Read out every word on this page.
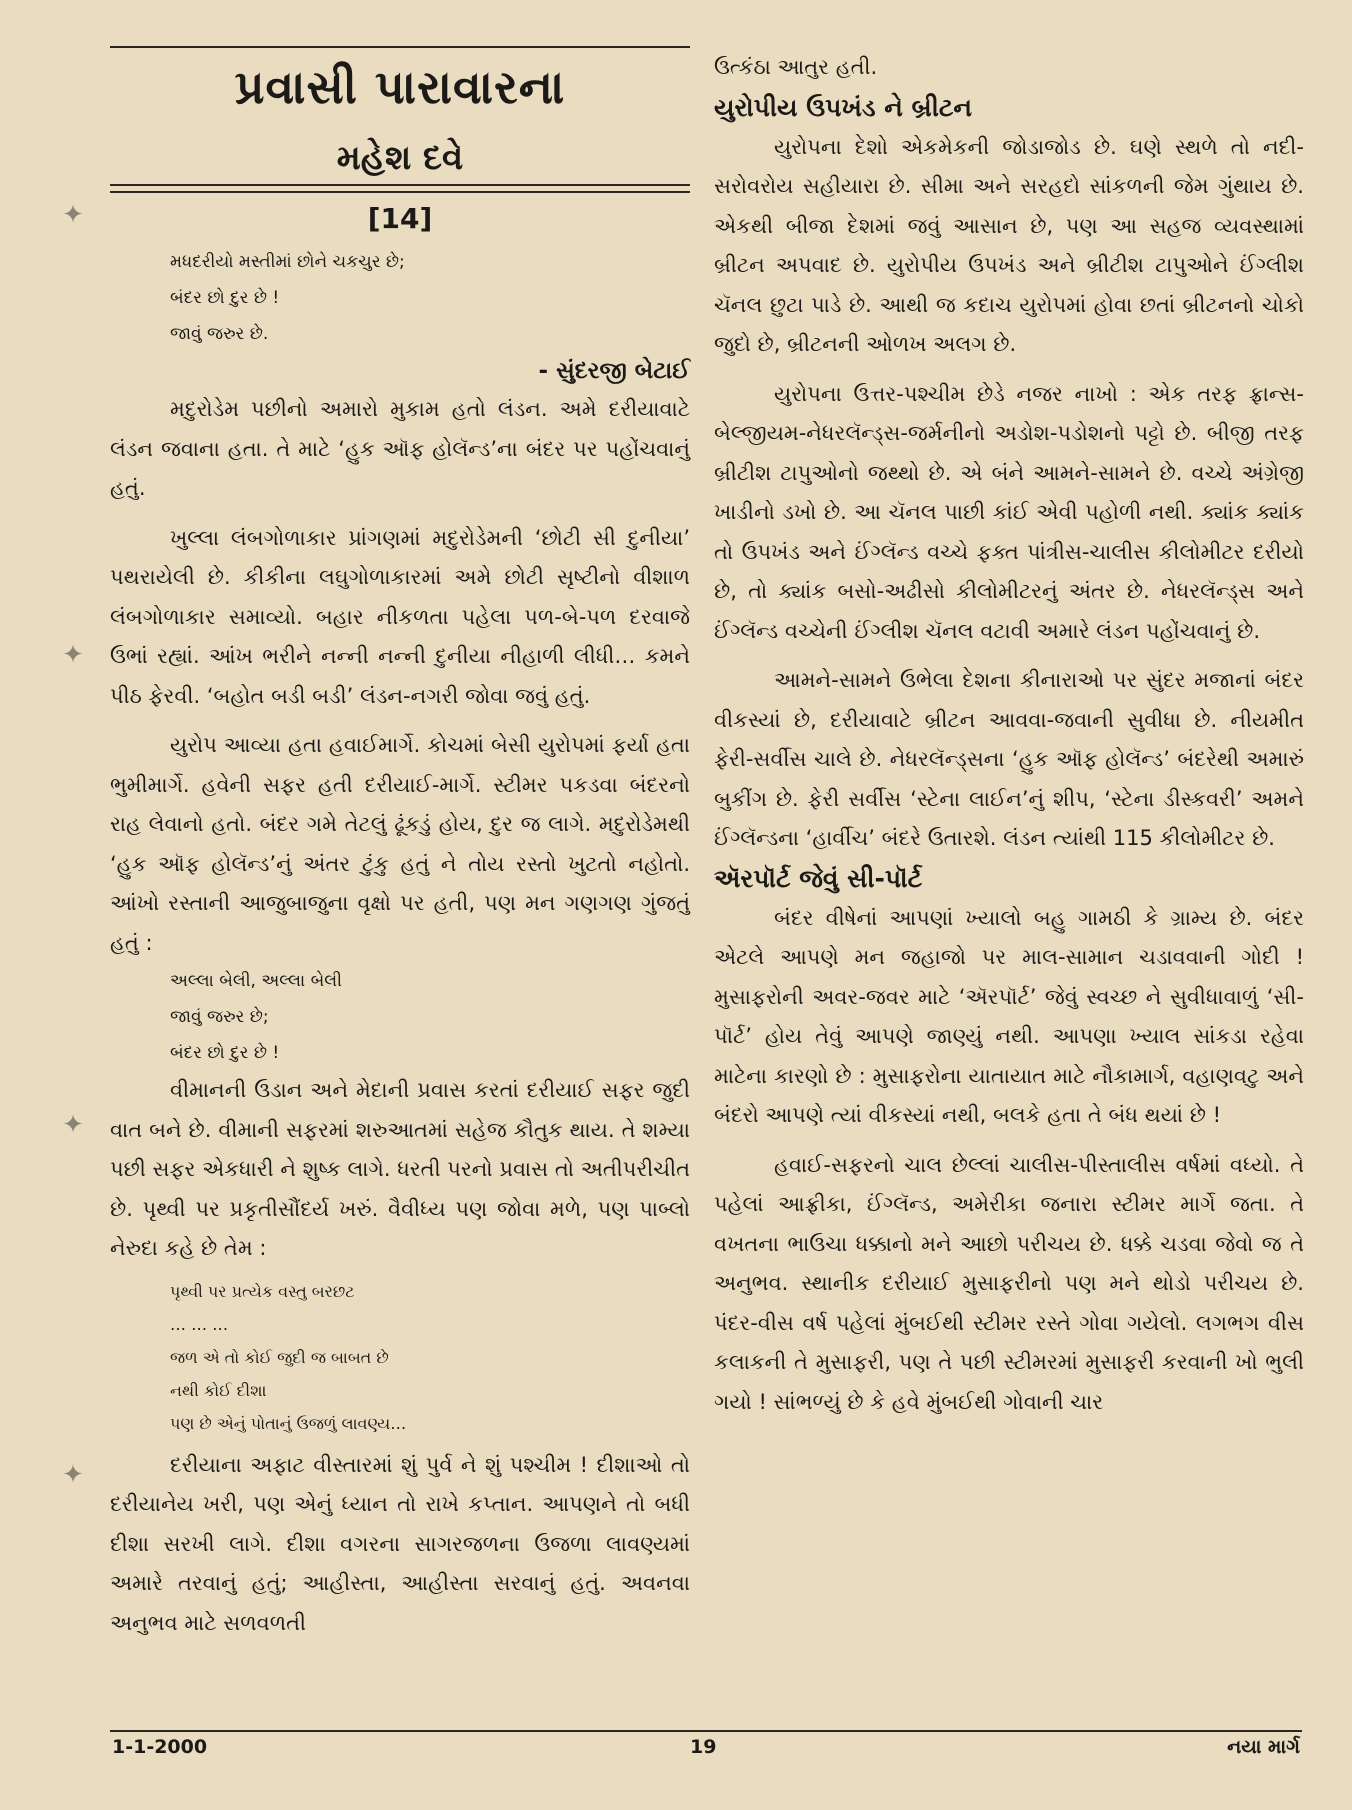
પ્રવાસી પારાવારના
મહેશ દવે
[14]
મધદરીયો મસ્તીમાં છોને ચકચુર છે;
બંદર છો દુર છે !
જાવું જરુર છે.
- સુંદરજી બેટાઈ

મદુરોડેમ પછીનો અમારો મુકામ હતો લંડન. અમે દરીયાવાટે લંડન જવાના હતા. તે માટે ‘હુક ઑફ હોલૅન્ડ’ના બંદર પર પહોંચવાનું હતું.

ખુલ્લા લંબગોળાકાર પ્રાંગણમાં મદુરોડેમની ‘છોટી સી દુનીયા’ પથરાયેલી છે. કીકીના લઘુગોળાકારમાં અમે છોટી સૃષ્ટીનો વીશાળ લંબગોળાકાર સમાવ્યો. બહાર નીકળતા પહેલા પળ-બે-પળ દરવાજે ઉભાં રહ્યાં. આંખ ભરીને નન્ની નન્ની દુનીયા નીહાળી લીધી… કમને પીઠ ફેરવી. ‘બહોત બડી બડી’ લંડન-નગરી જોવા જવું હતું.

યુરોપ આવ્યા હતા હવાઈમાર્ગે. કોચમાં બેસી યુરોપમાં ફર્યા હતા ભુમીમાર્ગે. હવેની સફર હતી દરીયાઈ-માર્ગે. સ્ટીમર પકડવા બંદરનો રાહ લેવાનો હતો. બંદર ગમે તેટલું ઢૂંકડું હોય, દુર જ લાગે. મદુરોડેમથી ‘હુક ઑફ હોલૅન્ડ’નું અંતર ટુંકુ હતું ને તોય રસ્તો ખુટતો નહોતો. આંખો રસ્તાની આજુબાજુના વૃક્ષો પર હતી, પણ મન ગણગણ ગુંજતું હતું :

અલ્લા બેલી, અલ્લા બેલી
જાવું જરુર છે;
બંદર છો દુર છે !

વીમાનની ઉડાન અને મેદાની પ્રવાસ કરતાં દરીયાઈ સફર જુદી વાત બને છે. વીમાની સફરમાં શરુઆતમાં સહેજ કૌતુક થાય. તે શમ્યા પછી સફર એકધારી ને શુષ્ક લાગે. ધરતી પરનો પ્રવાસ તો અતીપરીચીત છે. પૃથ્વી પર પ્રકૃતીસૌંદર્ય ખરું. વૈવીધ્ય પણ જોવા મળે, પણ પાબ્લો નેરુદા કહે છે તેમ :

પૃથ્વી પર પ્રત્યેક વસ્તુ બરછટ
… … …
જળ એ તો કોઈ જુદી જ બાબત છે
નથી કોઈ દીશા
પણ છે એનું પોતાનું ઉજળું લાવણ્ય…

દરીયાના અફાટ વીસ્તારમાં શું પુર્વ ને શું પશ્ચીમ ! દીશાઓ તો દરીયાનેય ખરી, પણ એનું ધ્યાન તો રાખે કપ્તાન. આપણને તો બધી દીશા સરખી લાગે. દીશા વગરના સાગરજળના ઉજળા લાવણ્યમાં અમારે તરવાનું હતું; આહીસ્તા, આહીસ્તા સરવાનું હતું. અવનવા અનુભવ માટે સળવળતી

ઉત્કંઠા આતુર હતી.

યુરોપીય ઉપખંડ ને બ્રીટન

યુરોપના દેશો એકમેકની જોડાજોડ છે. ઘણે સ્થળે તો નદી-સરોવરોય સહીયારા છે. સીમા અને સરહદો સાંકળની જેમ ગુંથાય છે. એકથી બીજા દેશમાં જવું આસાન છે, પણ આ સહજ વ્યવસ્થામાં બ્રીટન અપવાદ છે. યુરોપીય ઉપખંડ અને બ્રીટીશ ટાપુઓને ઈંગ્લીશ ચૅનલ છુટા પાડે છે. આથી જ કદાચ યુરોપમાં હોવા છતાં બ્રીટનનો ચોકો જુદો છે, બ્રીટનની ઓળખ અલગ છે.

યુરોપના ઉત્તર-પશ્ચીમ છેડે નજર નાખો : એક તરફ ફ્રાન્સ-બેલ્જીયમ-નેધરલૅન્ડ્સ-જર્મનીનો અડોશ-પડોશનો પટ્ટો છે. બીજી તરફ બ્રીટીશ ટાપુઓનો જથ્થો છે. એ બંને આમને-સામને છે. વચ્ચે અંગ્રેજી ખાડીનો ડખો છે. આ ચૅનલ પાછી કાંઈ એવી પહોળી નથી. ક્યાંક ક્યાંક તો ઉપખંડ અને ઈંગ્લૅન્ડ વચ્ચે ફક્ત પાંત્રીસ-ચાલીસ કીલોમીટર દરીયો છે, તો ક્યાંક બસો-અઢીસો કીલોમીટરનું અંતર છે. નેધરલૅન્ડ્સ અને ઈંગ્લૅન્ડ વચ્ચેની ઈંગ્લીશ ચૅનલ વટાવી અમારે લંડન પહોંચવાનું છે.

આમને-સામને ઉભેલા દેશના કીનારાઓ પર સુંદર મજાનાં બંદર વીકસ્યાં છે, દરીયાવાટે બ્રીટન આવવા-જવાની સુવીધા છે. નીયમીત ફેરી-સર્વીસ ચાલે છે. નેધરલૅન્ડ્સના ‘હુક ઑફ હોલૅન્ડ’ બંદરેથી અમારું બુકીંગ છે. ફેરી સર્વીસ ‘સ્ટેના લાઈન’નું શીપ, ‘સ્ટેના ડીસ્કવરી’ અમને ઈંગ્લૅન્ડના ‘હાર્વીચ’ બંદરે ઉતારશે. લંડન ત્યાંથી 115 કીલોમીટર છે.

ઍરપૉર્ટ જેવું સી-પૉર્ટ

બંદર વીષેનાં આપણાં ખ્યાલો બહુ ગામઠી કે ગ્રામ્ય છે. બંદર એટલે આપણે મન જહાજો પર માલ-સામાન ચડાવવાની ગોદી ! મુસાફરોની અવર-જવર માટે ‘ઍરપૉર્ટ’ જેવું સ્વચ્છ ને સુવીધાવાળું ‘સી-પૉર્ટ’ હોય તેવું આપણે જાણ્યું નથી. આપણા ખ્યાલ સાંકડા રહેવા માટેના કારણો છે : મુસાફરોના યાતાયાત માટે નૌકામાર્ગ, વહાણવટુ અને બંદરો આપણે ત્યાં વીકસ્યાં નથી, બલકે હતા તે બંધ થયાં છે !

હવાઈ-સફરનો ચાલ છેલ્લાં ચાલીસ-પીસ્તાલીસ વર્ષમાં વધ્યો. તે પહેલાં આફ્રીકા, ઈંગ્લૅન્ડ, અમેરીકા જનારા સ્ટીમર માર્ગે જતા. તે વખતના ભાઉચા ધક્કાનો મને આછો પરીચય છે. ધક્કે ચડવા જેવો જ તે અનુભવ. સ્થાનીક દરીયાઈ મુસાફરીનો પણ મને થોડો પરીચય છે. પંદર-વીસ વર્ષ પહેલાં મુંબઈથી સ્ટીમર રસ્તે ગોવા ગયેલો. લગભગ વીસ કલાકની તે મુસાફરી, પણ તે પછી સ્ટીમરમાં મુસાફરી કરવાની ખો ભુલી ગયો ! સાંભળ્યું છે કે હવે મુંબઈથી ગોવાની ચાર

✦
✦
✦
✦
1-1-2000	19	નયા માર્ગ
